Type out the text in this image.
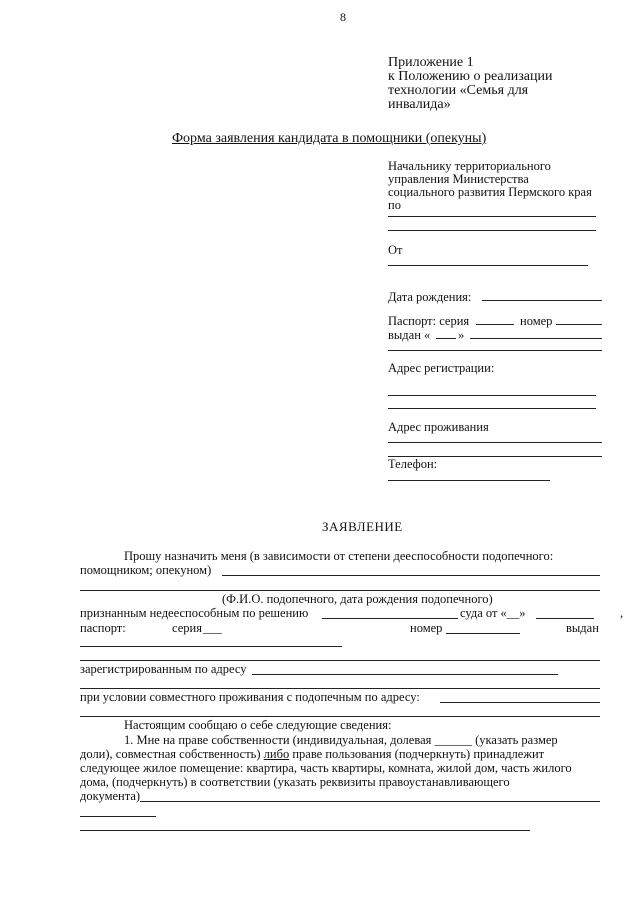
8
Приложение 1
к Положению о реализации
технологии «Семья для
инвалида»
Форма заявления кандидата в помощники (опекуны)
Начальнику территориального
управления Министерства
социального развития Пермского края
по
От
Дата рождения:
Паспорт: серия	номер
выдан « »
Адрес регистрации:
Адрес проживания
Телефон:
ЗАЯВЛЕНИЕ
Прошу назначить меня (в зависимости от степени дееспособности подопечного:
помощником; опекуном)
(Ф.И.О. подопечного, дата рождения подопечного)
признанным недееспособным по решению	суда от «__»	,
паспорт:	серия ___	номер	выдан
зарегистрированным по адресу
при условии совместного проживания с подопечным по адресу:
Настоящим сообщаю о себе следующие сведения:
1. Мне на праве собственности (индивидуальная, долевая ______ (указать размер
доли), совместная собственность) либо праве пользования (подчеркнуть) принадлежит
следующее жилое помещение: квартира, часть квартиры, комната, жилой дом, часть жилого
дома, (подчеркнуть) в соответствии (указать реквизиты правоустанавливающего
документа)
